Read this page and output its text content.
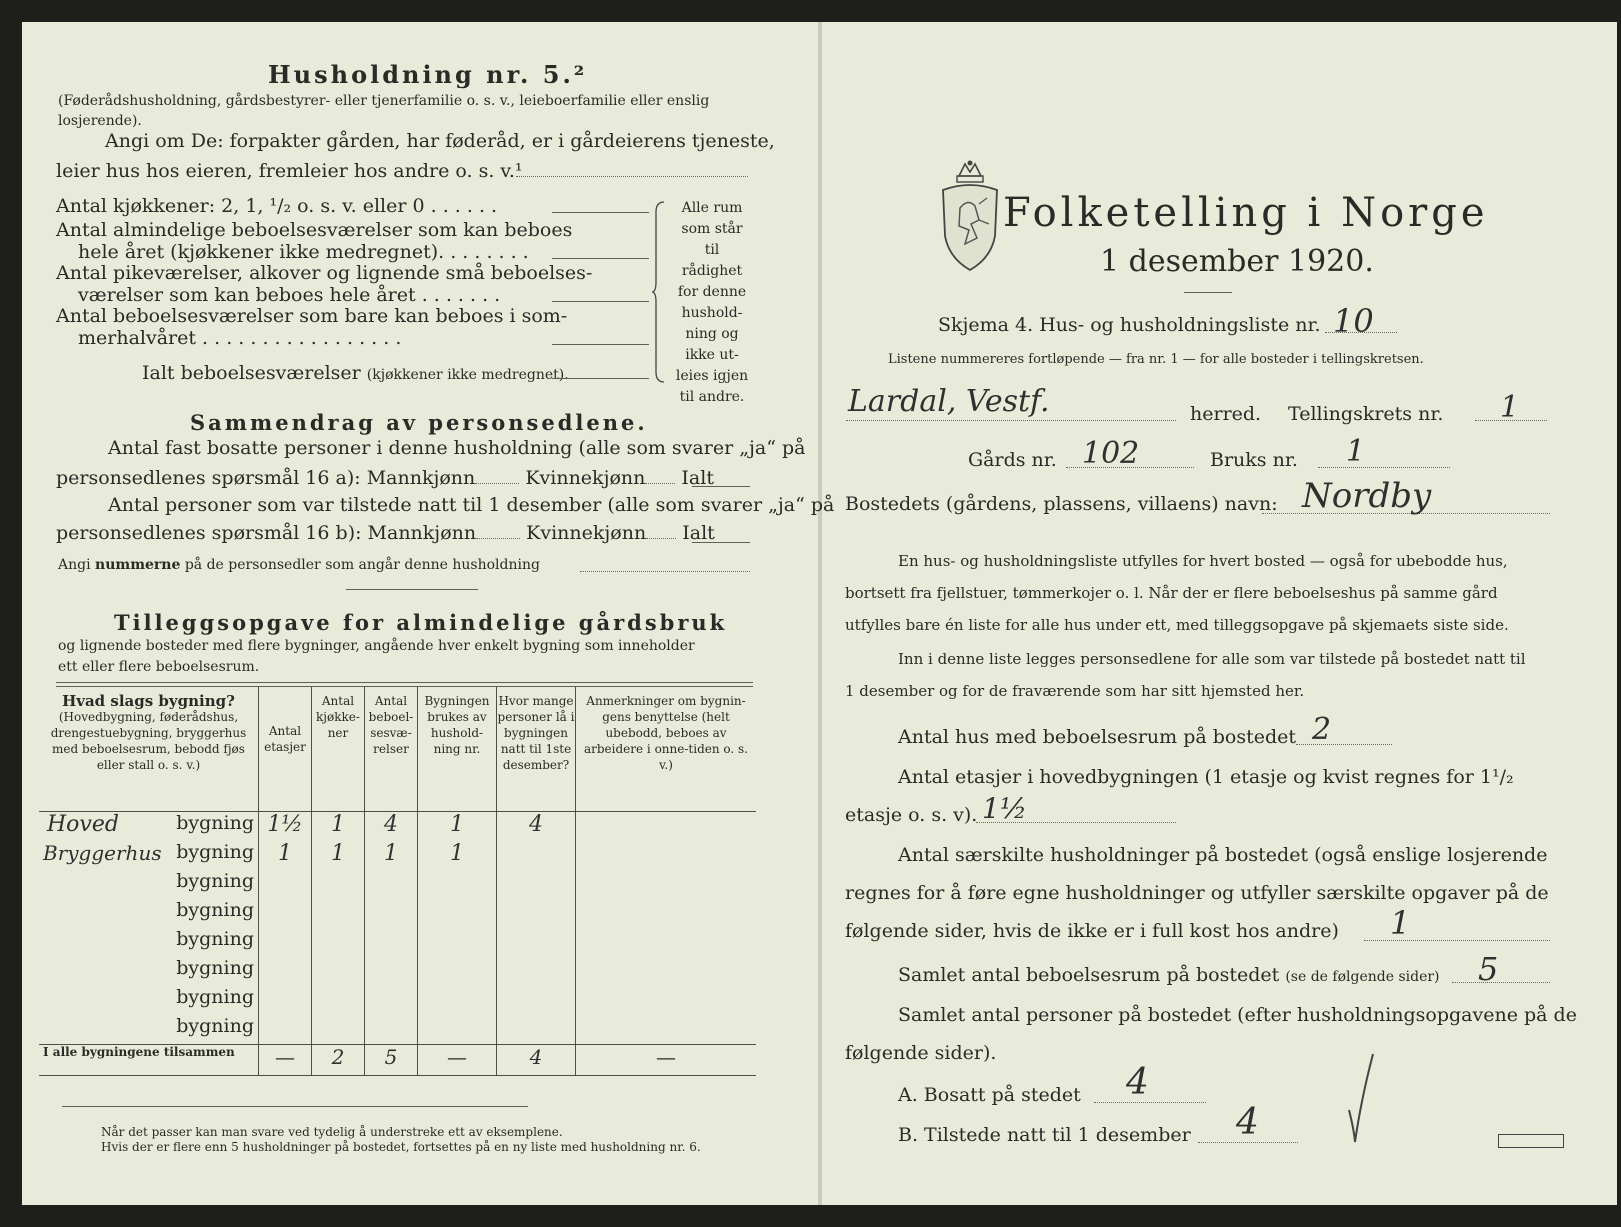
Husholdning nr. 5.²
(Føderådshusholdning, gårdsbestyrer- eller tjenerfamilie o. s. v., leieboerfamilie eller enslig losjerende).
Angi om De: forpakter gården, har føderåd, er i gårdeierens tjeneste,
leier hus hos eieren, fremleier hos andre o. s. v.¹
Antal kjøkkener: 2, 1, ¹/₂ o. s. v. eller 0 . . . . . .
Antal almindelige beboelsesværelser som kan beboes
hele året (kjøkkener ikke medregnet). . . . . . . .
Antal pikeværelser, alkover og lignende små beboelses-
værelser som kan beboes hele året . . . . . . .
Antal beboelsesværelser som bare kan beboes i som-
merhalvåret . . . . . . . . . . . . . . . . .
Ialt beboelsesværelser (kjøkkener ikke medregnet).
Alle rum
som står til
rådighet
for denne
hushold-
ning og
ikke ut-
leies igjen
til andre.
Sammendrag av personsedlene.
Antal fast bosatte personer i denne husholdning (alle som svarer „ja“ på
personsedlenes spørsmål 16 a): Mannkjønn	Kvinnekjønn Ialt
Antal personer som var tilstede natt til 1 desember (alle som svarer „ja“ på
personsedlenes spørsmål 16 b): Mannkjønn	Kvinnekjønn Ialt
Angi nummerne på de personsedler som angår denne husholdning
Tilleggsopgave for almindelige gårdsbruk
og lignende bosteder med flere bygninger, angående hver enkelt bygning som inneholder
ett eller flere beboelsesrum.
Hvad slags bygning?
(Hovedbygning, føderådshus, drengestuebygning, bryggerhus med beboelsesrum, bebodd fjøs eller stall o. s. v.)	Antal etasjer	Antal kjøkke-ner	Antal beboel-sesvæ-relser	Bygningen brukes av hushold-ning nr.	Hvor mange personer lå i bygningen natt til 1ste desember?	Anmerkninger om bygnin-gens benyttelse (helt ubebodd, beboes av arbeidere i onne-tiden o. s. v.)

Hoved bygning	1½	1	4	1	4	

Bryggerhus bygning	1	1	1	1		

bygning						
bygning						
bygning						
bygning						
bygning						
bygning						
I alle bygningene tilsammen	—	2	5	—	4	—
Når det passer kan man svare ved tydelig å understreke ett av eksemplene.
Hvis der er flere enn 5 husholdninger på bostedet, fortsettes på en ny liste med husholdning nr. 6.
Folketelling i Norge
1 desember 1920.
Skjema 4. Hus- og husholdningsliste nr. 10
Listene nummereres fortløpende — fra nr. 1 — for alle bosteder i tellingskretsen.
Lardal, Vestf.	herred. Tellingskrets nr. 1
Gårds nr. 102	Bruks nr. 1
Bostedets (gårdens, plassens, villaens) navn: Nordby
En hus- og husholdningsliste utfylles for hvert bosted — også for ubebodde hus,
bortsett fra fjellstuer, tømmerkojer o. l. Når der er flere beboelseshus på samme gård
utfylles bare én liste for alle hus under ett, med tilleggsopgave på skjemaets siste side.
Inn i denne liste legges personsedlene for alle som var tilstede på bostedet natt til
1 desember og for de fraværende som har sitt hjemsted her.
Antal hus med beboelsesrum på bostedet 2
Antal etasjer i hovedbygningen (1 etasje og kvist regnes for 1¹/₂
etasje o. s. v). 1½
Antal særskilte husholdninger på bostedet (også enslige losjerende
regnes for å føre egne husholdninger og utfyller særskilte opgaver på de
følgende sider, hvis de ikke er i full kost hos andre) 1
Samlet antal beboelsesrum på bostedet (se de følgende sider) 5
Samlet antal personer på bostedet (efter husholdningsopgavene på de
følgende sider).
A. Bosatt på stedet 4
B. Tilstede natt til 1 desember 4
